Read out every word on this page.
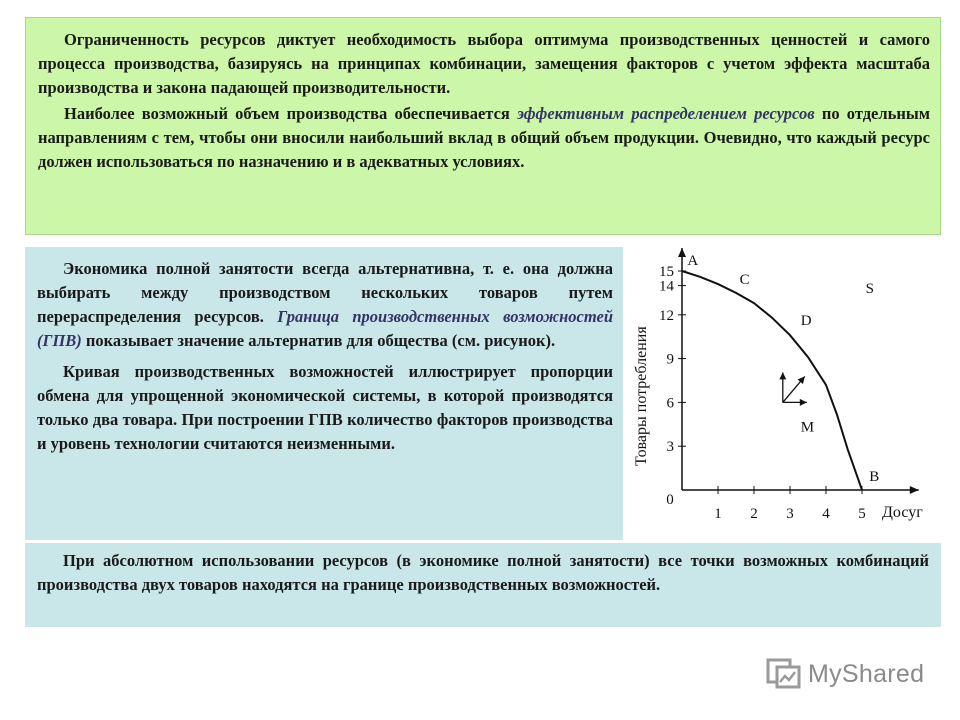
Ограниченность ресурсов диктует необходимость выбора оптимума производственных ценностей и самого процесса производства, базируясь на принципах комбинации, замещения факторов с учетом эффекта масштаба производства и закона падающей производительности.

Наиболее возможный объем производства обеспечивается эффективным распределением ресурсов по отдельным направлениям с тем, чтобы они вносили наибольший вклад в общий объем продукции. Очевидно, что каждый ресурс должен использоваться по назначению и в адекватных условиях.

Экономика полной занятости всегда альтернативна, т. е. она должна выбирать между производством нескольких товаров путем перераспределения ресурсов. Граница производственных возможностей (ГПВ) показывает значение альтернатив для общества (см. рисунок).

Кривая производственных возможностей иллюстрирует пропорции обмена для упрощенной экономической системы, в которой производятся только два товара. При построении ГПВ количество факторов производства и уровень технологии считаются неизменными.

0
1 2 3 4 5
3
6
9
12
14
15
A
C
D
S
B
M
Досуг
Товары потребления

При абсолютном использовании ресурсов (в экономике полной занятости) все точки возможных комбинаций производства двух товаров находятся на границе производственных возможностей.

MyShared
